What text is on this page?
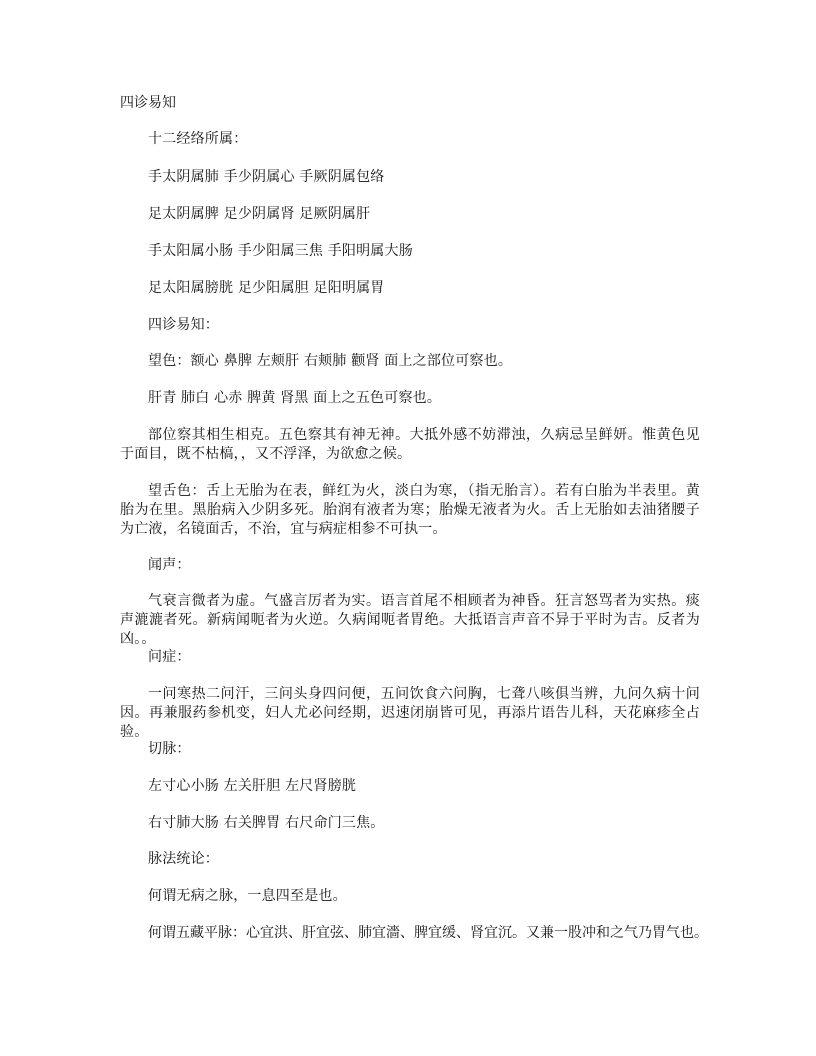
四诊易知
十二经络所属：
手太阴属肺 手少阴属心 手厥阴属包络
足太阴属脾 足少阴属肾 足厥阴属肝
手太阳属小肠 手少阳属三焦 手阳明属大肠
足太阳属膀胱 足少阳属胆 足阳明属胃
四诊易知：
望色：额心 鼻脾 左颊肝 右颊肺 颧肾 面上之部位可察也。
肝青 肺白 心赤 脾黄 肾黑 面上之五色可察也。
部位察其相生相克。五色察其有神无神。大抵外感不妨滞浊，久病忌呈鲜妍。惟黄色见于面目，既不枯槁，，又不浮泽，为欲愈之候。
望舌色：舌上无胎为在表，鲜红为火，淡白为寒，（指无胎言）。若有白胎为半表里。黄胎为在里。黑胎病入少阴多死。胎润有液者为寒；胎燥无液者为火。舌上无胎如去油猪腰子为亡液，名镜面舌，不治，宜与病症相参不可执一。
闻声：
气衰言微者为虚。气盛言厉者为实。语言首尾不相顾者为神昏。狂言怒骂者为实热。痰声漉漉者死。新病闻呃者为火逆。久病闻呃者胃绝。大抵语言声音不异于平时为吉。反者为凶。。
问症：
一问寒热二问汗，三问头身四问便，五问饮食六问胸，七聋八咳俱当辨，九问久病十问因。再兼服药参机变，妇人尤必问经期，迟速闭崩皆可见，再添片语告儿科，天花麻疹全占验。
切脉：
左寸心小肠 左关肝胆 左尺肾膀胱
右寸肺大肠 右关脾胃 右尺命门三焦。
脉法统论：
何谓无病之脉，一息四至是也。
何谓五藏平脉：心宜洪、肝宜弦、肺宜濇、脾宜缓、肾宜沉。又兼一股冲和之气乃胃气也。
